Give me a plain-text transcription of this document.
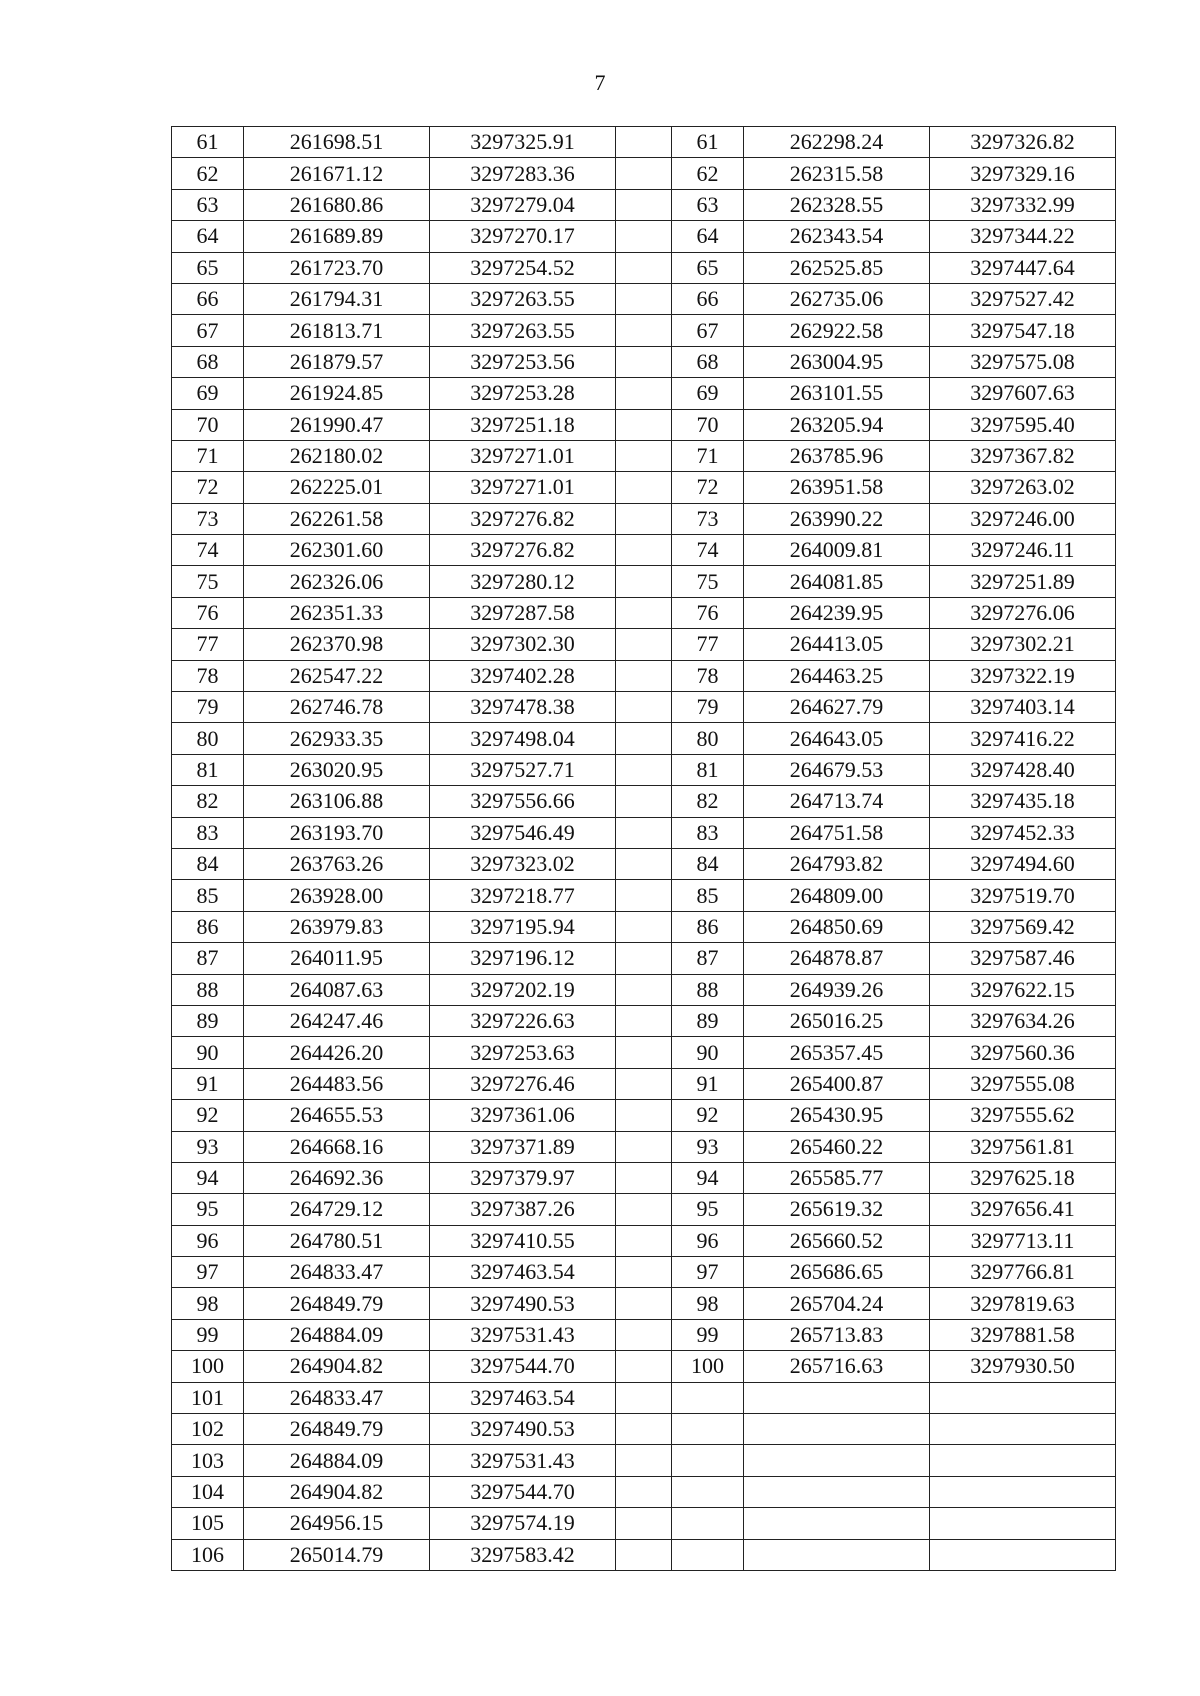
7
61	261698.51	3297325.91		61	262298.24	3297326.82
62	261671.12	3297283.36		62	262315.58	3297329.16
63	261680.86	3297279.04		63	262328.55	3297332.99
64	261689.89	3297270.17		64	262343.54	3297344.22
65	261723.70	3297254.52		65	262525.85	3297447.64
66	261794.31	3297263.55		66	262735.06	3297527.42
67	261813.71	3297263.55		67	262922.58	3297547.18
68	261879.57	3297253.56		68	263004.95	3297575.08
69	261924.85	3297253.28		69	263101.55	3297607.63
70	261990.47	3297251.18		70	263205.94	3297595.40
71	262180.02	3297271.01		71	263785.96	3297367.82
72	262225.01	3297271.01		72	263951.58	3297263.02
73	262261.58	3297276.82		73	263990.22	3297246.00
74	262301.60	3297276.82		74	264009.81	3297246.11
75	262326.06	3297280.12		75	264081.85	3297251.89
76	262351.33	3297287.58		76	264239.95	3297276.06
77	262370.98	3297302.30		77	264413.05	3297302.21
78	262547.22	3297402.28		78	264463.25	3297322.19
79	262746.78	3297478.38		79	264627.79	3297403.14
80	262933.35	3297498.04		80	264643.05	3297416.22
81	263020.95	3297527.71		81	264679.53	3297428.40
82	263106.88	3297556.66		82	264713.74	3297435.18
83	263193.70	3297546.49		83	264751.58	3297452.33
84	263763.26	3297323.02		84	264793.82	3297494.60
85	263928.00	3297218.77		85	264809.00	3297519.70
86	263979.83	3297195.94		86	264850.69	3297569.42
87	264011.95	3297196.12		87	264878.87	3297587.46
88	264087.63	3297202.19		88	264939.26	3297622.15
89	264247.46	3297226.63		89	265016.25	3297634.26
90	264426.20	3297253.63		90	265357.45	3297560.36
91	264483.56	3297276.46		91	265400.87	3297555.08
92	264655.53	3297361.06		92	265430.95	3297555.62
93	264668.16	3297371.89		93	265460.22	3297561.81
94	264692.36	3297379.97		94	265585.77	3297625.18
95	264729.12	3297387.26		95	265619.32	3297656.41
96	264780.51	3297410.55		96	265660.52	3297713.11
97	264833.47	3297463.54		97	265686.65	3297766.81
98	264849.79	3297490.53		98	265704.24	3297819.63
99	264884.09	3297531.43		99	265713.83	3297881.58
100	264904.82	3297544.70		100	265716.63	3297930.50
101	264833.47	3297463.54				
102	264849.79	3297490.53				
103	264884.09	3297531.43				
104	264904.82	3297544.70				
105	264956.15	3297574.19				
106	265014.79	3297583.42				
